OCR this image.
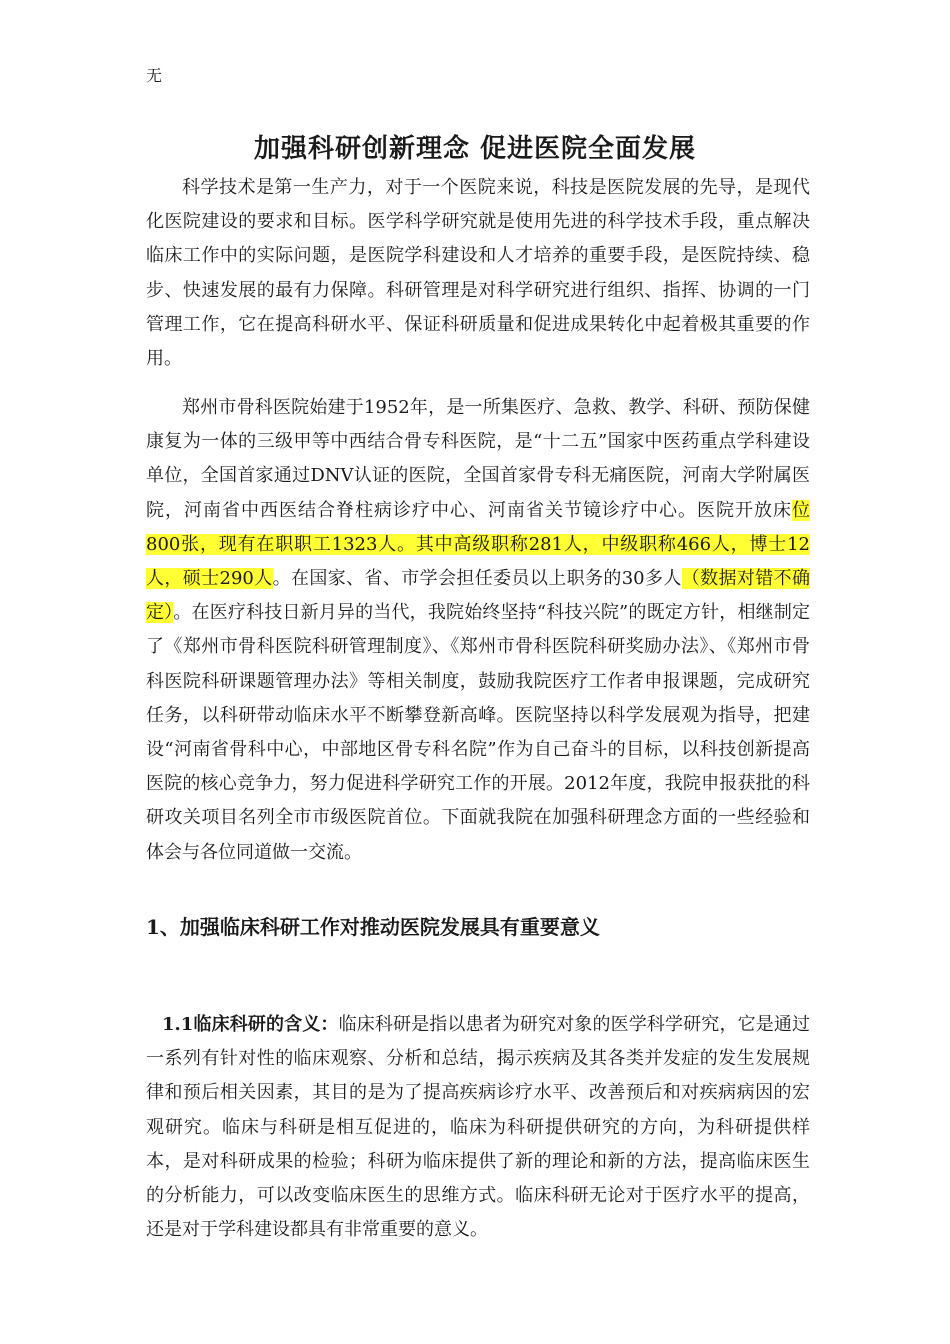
无
加强科研创新理念 促进医院全面发展
科学技术是第一生产力，对于一个医院来说，科技是医院发展的先导，是现代化医院建设的要求和目标。医学科学研究就是使用先进的科学技术手段，重点解决临床工作中的实际问题，是医院学科建设和人才培养的重要手段，是医院持续、稳步、快速发展的最有力保障。科研管理是对科学研究进行组织、指挥、协调的一门管理工作，它在提高科研水平、保证科研质量和促进成果转化中起着极其重要的作用。
郑州市骨科医院始建于1952年，是一所集医疗、急救、教学、科研、预防保健康复为一体的三级甲等中西结合骨专科医院，是“十二五”国家中医药重点学科建设单位，全国首家通过DNV认证的医院，全国首家骨专科无痛医院，河南大学附属医院，河南省中西医结合脊柱病诊疗中心、河南省关节镜诊疗中心。医院开放床位800张，现有在职职工1323人。其中高级职称281人，中级职称466人，博士12人，硕士290人。在国家、省、市学会担任委员以上职务的30多人（数据对错不确定）。在医疗科技日新月异的当代，我院始终坚持“科技兴院”的既定方针，相继制定了《郑州市骨科医院科研管理制度》、《郑州市骨科医院科研奖励办法》、《郑州市骨科医院科研课题管理办法》等相关制度，鼓励我院医疗工作者申报课题，完成研究任务，以科研带动临床水平不断攀登新高峰。医院坚持以科学发展观为指导，把建设“河南省骨科中心，中部地区骨专科名院”作为自己奋斗的目标，以科技创新提高医院的核心竞争力，努力促进科学研究工作的开展。2012年度，我院申报获批的科研攻关项目名列全市市级医院首位。下面就我院在加强科研理念方面的一些经验和体会与各位同道做一交流。
1、加强临床科研工作对推动医院发展具有重要意义
1.1临床科研的含义：临床科研是指以患者为研究对象的医学科学研究，它是通过一系列有针对性的临床观察、分析和总结，揭示疾病及其各类并发症的发生发展规律和预后相关因素，其目的是为了提高疾病诊疗水平、改善预后和对疾病病因的宏观研究。临床与科研是相互促进的，临床为科研提供研究的方向，为科研提供样本，是对科研成果的检验；科研为临床提供了新的理论和新的方法，提高临床医生的分析能力，可以改变临床医生的思维方式。临床科研无论对于医疗水平的提高，还是对于学科建设都具有非常重要的意义。
